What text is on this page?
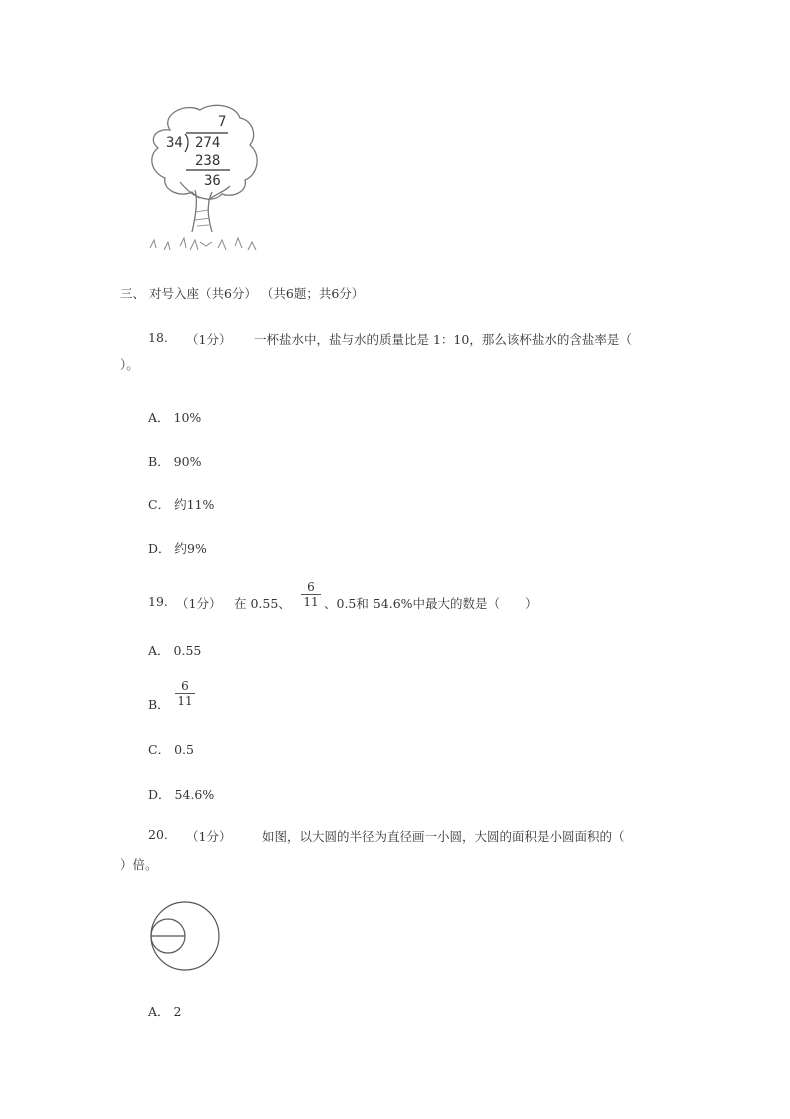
7
34 274
238
36
三、 对号入座（共6分） （共6题；共6分）
18. （1分） 一杯盐水中，盐与水的质量比是 1：10，那么该杯盐水的含盐率是（
）。
A． 10%
B． 90%
C． 约11%
D． 约9%
19. （1分） 在 0.55、
6
11 、0.5和 54.6%中最大的数是（　　）
A． 0.55
B．
6
11
C． 0.5
D． 54.6%
20. （1分） 如图，以大圆的半径为直径画一小圆，大圆的面积是小圆面积的（
）倍。
A． 2
